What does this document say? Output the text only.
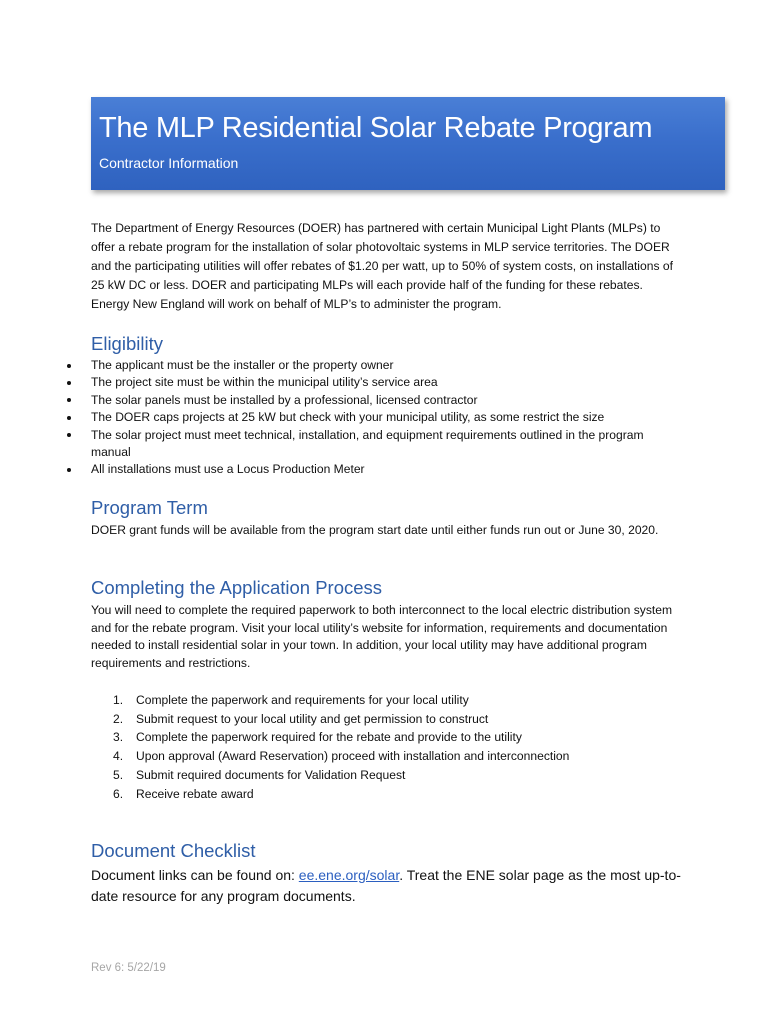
The MLP Residential Solar Rebate Program
Contractor Information

The Department of Energy Resources (DOER) has partnered with certain Municipal Light Plants (MLPs) to offer a rebate program for the installation of solar photovoltaic systems in MLP service territories. The DOER and the participating utilities will offer rebates of $1.20 per watt, up to 50% of system costs, on installations of 25 kW DC or less. DOER and participating MLPs will each provide half of the funding for these rebates. Energy New England will work on behalf of MLP’s to administer the program.

Eligibility
The applicant must be the installer or the property owner
The project site must be within the municipal utility’s service area
The solar panels must be installed by a professional, licensed contractor
The DOER caps projects at 25 kW but check with your municipal utility, as some restrict the size
The solar project must meet technical, installation, and equipment requirements outlined in the program manual
All installations must use a Locus Production Meter
Program Term

DOER grant funds will be available from the program start date until either funds run out or June 30, 2020.

Completing the Application Process

You will need to complete the required paperwork to both interconnect to the local electric distribution system and for the rebate program. Visit your local utility’s website for information, requirements and documentation needed to install residential solar in your town. In addition, your local utility may have additional program requirements and restrictions.

1. Complete the paperwork and requirements for your local utility
2. Submit request to your local utility and get permission to construct
3. Complete the paperwork required for the rebate and provide to the utility
4. Upon approval (Award Reservation) proceed with installation and interconnection
5. Submit required documents for Validation Request
6. Receive rebate award
Document Checklist

Document links can be found on: ee.ene.org/solar. Treat the ENE solar page as the most up-to-date resource for any program documents.

Rev 6: 5/22/19
